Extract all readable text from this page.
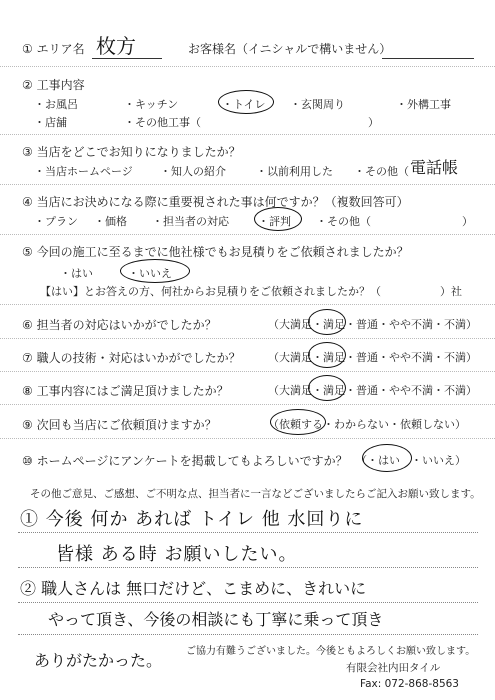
① エリア名 枚方	お客様名（イニシャルで構いません）
② 工事内容
・お風呂	・キッチン	・トイレ ・玄関周り	・外構工事
・店舗	・その他工事（	）
③ 当店をどこでお知りになりましたか？
・当店ホームページ ・知人の紹介	・以前利用した ・その他（ 電話帳
④ 当店にお決めになる際に重要視された事は何ですか？（複数回答可）
・プラン ・価格 ・担当者の対応	・評判 ・その他（	）
⑤ 今回の施工に至るまでに他社様でもお見積りをご依頼されましたか？
・はい	・いいえ
【はい】とお答えの方、何社からお見積りをご依頼されましたか？（	）社
⑥ 担当者の対応はいかがでしたか？	（大満足・満足・普通・やや不満・不満）
⑦ 職人の技術・対応はいかがでしたか？ （大満足・満足・普通・やや不満・不満）
⑧ 工事内容にはご満足頂けましたか？	（大満足・満足・普通・やや不満・不満）
⑨ 次回も当店にご依頼頂けますか？	（依頼する・わからない・依頼しない）
⑩ ホームページにアンケートを掲載してもよろしいですか？ （・はい　・いいえ）
その他ご意見、ご感想、ご不明な点、担当者に一言などございましたらご記入お願い致します。
① 今後 何か あれば トイレ 他 水回りに
皆様 ある時 お願いしたい。
② 職人さんは 無口だけど、こまめに、きれいに
やって頂き、今後の相談にも丁寧に乗って頂き
ありがたかった。 ご協力有難うございました。今後ともよろしくお願い致します。
有限会社内田タイル
Fax: 072-868-8563
